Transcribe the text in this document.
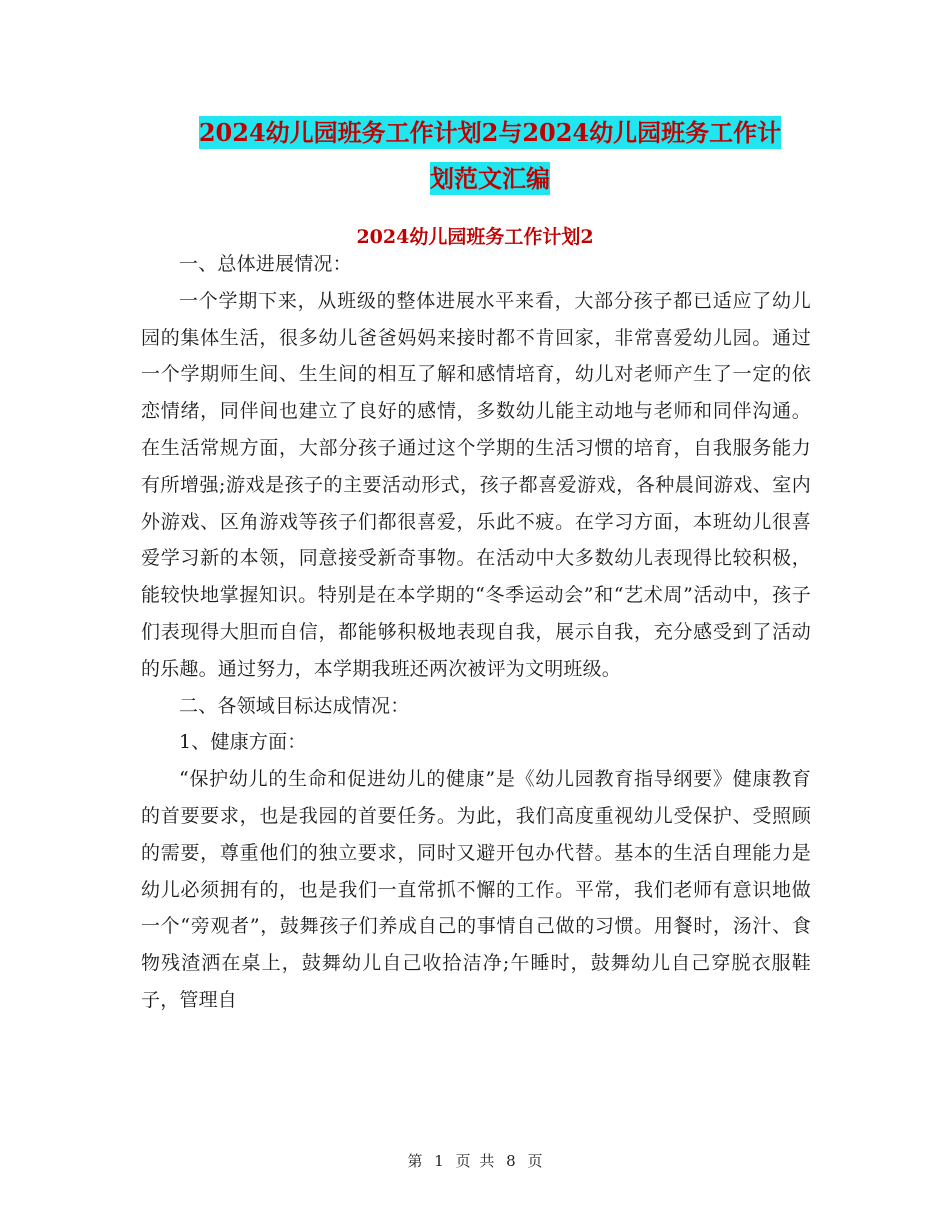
2024幼儿园班务工作计划2与2024幼儿园班务工作计
划范文汇编
2024幼儿园班务工作计划2

一、总体进展情况：

一个学期下来，从班级的整体进展水平来看，大部分孩子都已适应了幼儿园的集体生活，很多幼儿爸爸妈妈来接时都不肯回家，非常喜爱幼儿园。通过一个学期师生间、生生间的相互了解和感情培育，幼儿对老师产生了一定的依恋情绪，同伴间也建立了良好的感情，多数幼儿能主动地与老师和同伴沟通。在生活常规方面，大部分孩子通过这个学期的生活习惯的培育，自我服务能力有所增强;游戏是孩子的主要活动形式，孩子都喜爱游戏，各种晨间游戏、室内外游戏、区角游戏等孩子们都很喜爱，乐此不疲。在学习方面，本班幼儿很喜爱学习新的本领，同意接受新奇事物。在活动中大多数幼儿表现得比较积极，能较快地掌握知识。特别是在本学期的“冬季运动会”和“艺术周”活动中，孩子们表现得大胆而自信，都能够积极地表现自我，展示自我，充分感受到了活动的乐趣。通过努力，本学期我班还两次被评为文明班级。

二、各领域目标达成情况：

1、健康方面：

“保护幼儿的生命和促进幼儿的健康”是《幼儿园教育指导纲要》健康教育的首要要求，也是我园的首要任务。为此，我们高度重视幼儿受保护、受照顾的需要，尊重他们的独立要求，同时又避开包办代替。基本的生活自理能力是幼儿必须拥有的，也是我们一直常抓不懈的工作。平常，我们老师有意识地做一个“旁观者”，鼓舞孩子们养成自己的事情自己做的习惯。用餐时，汤汁、食物残渣洒在桌上，鼓舞幼儿自己收拾洁净;午睡时，鼓舞幼儿自己穿脱衣服鞋子，管理自

第 1 页 共 8 页
